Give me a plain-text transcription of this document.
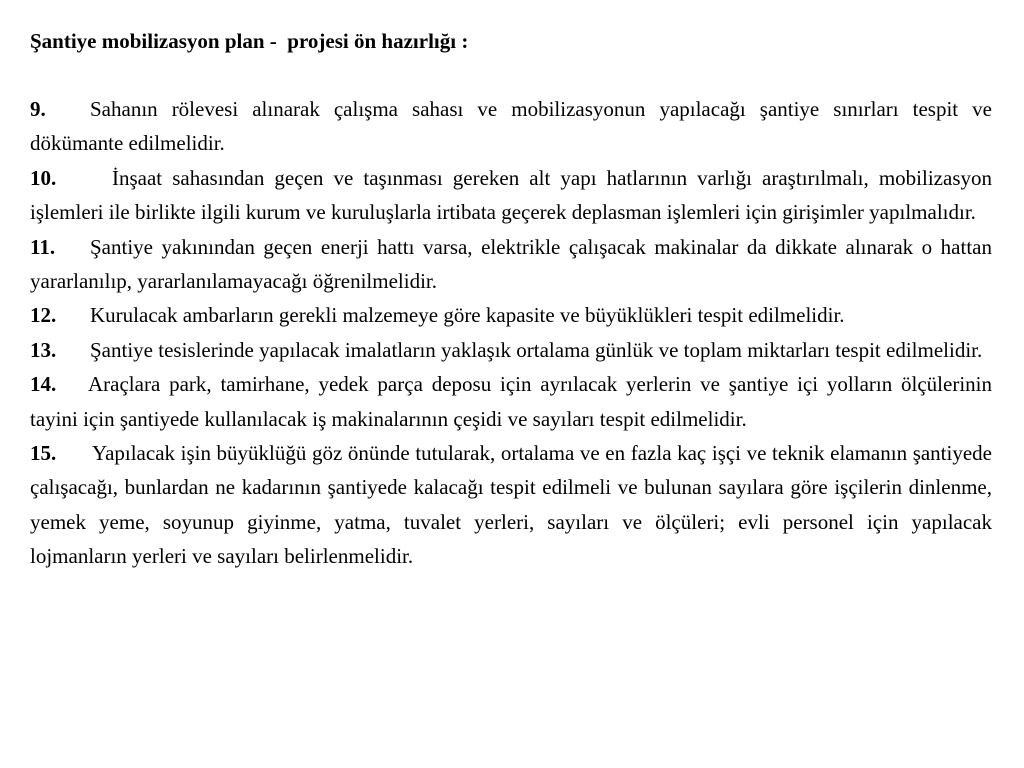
Şantiye mobilizasyon plan -  projesi ön hazırlığı :

9. Sahanın rölevesi alınarak çalışma sahası ve mobilizasyonun yapılacağı şantiye sınırları tespit ve dökümante edilmelidir.

10.	İnşaat sahasından geçen ve taşınması gereken alt yapı hatlarının varlığı araştırılmalı, mobilizasyon işlemleri ile birlikte ilgili kurum ve kuruluşlarla irtibata geçerek deplasman işlemleri için girişimler yapılmalıdır.

11. Şantiye yakınından geçen enerji hattı varsa, elektrikle çalışacak makinalar da dikkate alınarak o hattan yararlanılıp, yararlanılamayacağı öğrenilmelidir.

12. Kurulacak ambarların gerekli malzemeye göre kapasite ve büyüklükleri tespit edilmelidir.

13. Şantiye tesislerinde yapılacak imalatların yaklaşık ortalama günlük ve toplam miktarları tespit edilmelidir.

14. Araçlara park, tamirhane, yedek parça deposu için ayrılacak yerlerin ve şantiye içi yolların ölçülerinin tayini için şantiyede kullanılacak iş makinalarının çeşidi ve sayıları tespit edilmelidir.

15. Yapılacak işin büyüklüğü göz önünde tutularak, ortalama ve en fazla kaç işçi ve teknik elamanın şantiyede çalışacağı, bunlardan ne kadarının şantiyede kalacağı tespit edilmeli ve bulunan sayılara göre işçilerin dinlenme, yemek yeme, soyunup giyinme, yatma, tuvalet yerleri, sayıları ve ölçüleri; evli personel için yapılacak lojmanların yerleri ve sayıları belirlenmelidir.
